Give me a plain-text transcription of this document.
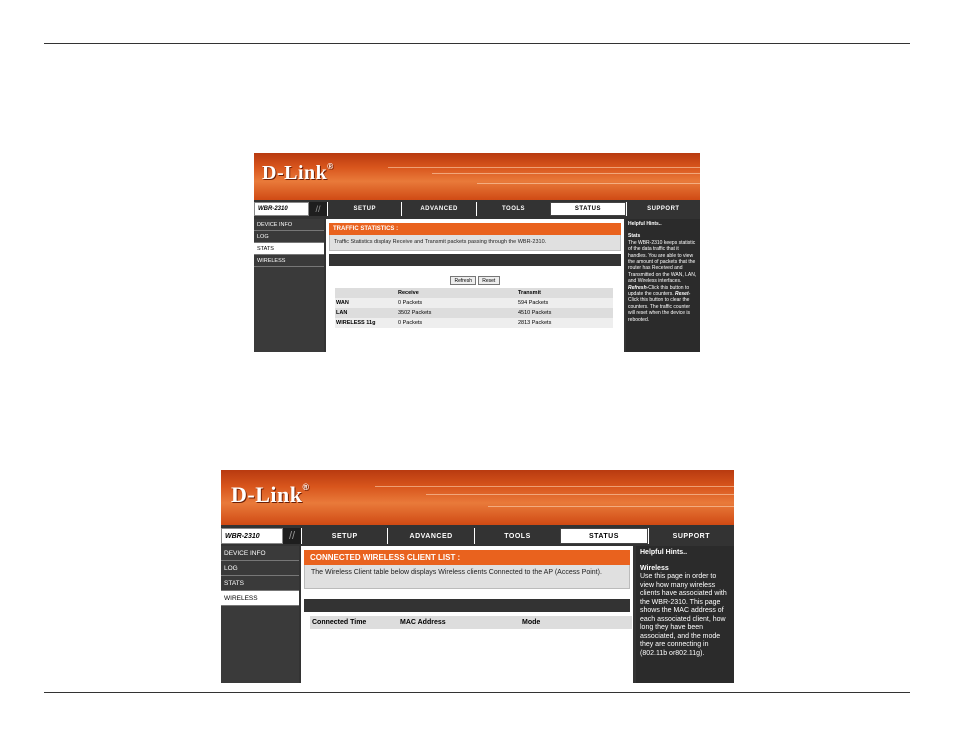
D-Link®
WBR-2310	//	SETUP	ADVANCED	TOOLS	STATUS	SUPPORT
DEVICE INFO
LOG
STATS
WIRELESS
TRAFFIC STATISTICS :
Traffic Statistics display Receive and Transmit packets passing through the WBR-2310.
Refresh Reset
	Receive	Transmit
WAN	0 Packets	594 Packets
LAN	3502 Packets	4510 Packets
WIRELESS 11g	0 Packets	2813 Packets
Helpful Hints..
Stats
The WBR-2310 keeps statistic of the data traffic that it handles. You are able to view the amount of packets that the router has Received and Transmitted on the WAN, LAN, and Wireless interfaces. Refresh-Click this button to update the counters. Reset-Click this button to clear the counters. The traffic counter will reset when the device is rebooted.
D-Link®
WBR-2310	//	SETUP	ADVANCED	TOOLS	STATUS	SUPPORT
DEVICE INFO
LOG
STATS
WIRELESS
CONNECTED WIRELESS CLIENT LIST :
The Wireless Client table below displays Wireless clients Connected to the AP (Access Point).
Connected Time	MAC Address	Mode
Helpful Hints..
Wireless
Use this page in order to view how many wireless clients have associated with the WBR-2310. This page shows the MAC address of each associated client, how long they have been associated, and the mode they are connecting in (802.11b or802.11g).
